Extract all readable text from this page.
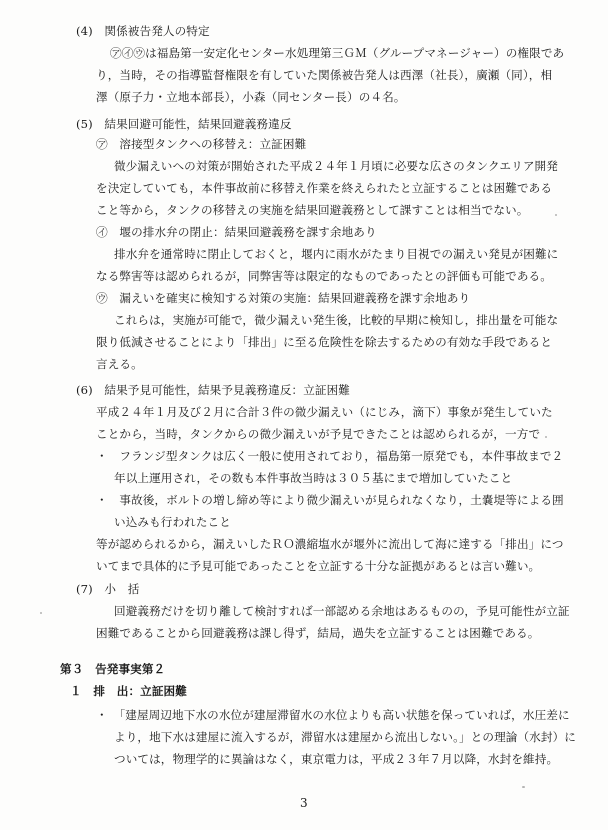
(4)　関係被告発人の特定
㋐㋑㋒は福島第一安定化センター水処理第三ＧＭ（グループマネージャー）の権限であ
り，当時，その指導監督権限を有していた関係被告発人は西澤（社長），廣瀬（同），相
澤（原子力・立地本部長），小森（同センター長）の４名。
(5)　結果回避可能性，結果回避義務違反
㋐　溶接型タンクへの移替え：立証困難
微少漏えいへの対策が開始された平成２４年１月頃に必要な広さのタンクエリア開発
を決定していても，本件事故前に移替え作業を終えられたと立証することは困難である
こと等から，タンクの移替えの実施を結果回避義務として課すことは相当でない。
㋑　堰の排水弁の閉止：結果回避義務を課す余地あり
排水弁を通常時に閉止しておくと，堰内に雨水がたまり目視での漏えい発見が困難に
なる弊害等は認められるが，同弊害等は限定的なものであったとの評価も可能である。
㋒　漏えいを確実に検知する対策の実施：結果回避義務を課す余地あり
これらは，実施が可能で，微少漏えい発生後，比較的早期に検知し，排出量を可能な
限り低減させることにより「排出」に至る危険性を除去するための有効な手段であると
言える。
(6)　結果予見可能性，結果予見義務違反：立証困難
平成２４年１月及び２月に合計３件の微少漏えい（にじみ，滴下）事象が発生していた
ことから，当時，タンクからの微少漏えいが予見できたことは認められるが，一方で
・　フランジ型タンクは広く一般に使用されており，福島第一原発でも，本件事故まで２
年以上運用され，その数も本件事故当時は３０５基にまで増加していたこと
・　事故後，ボルトの増し締め等により微少漏えいが見られなくなり，土嚢堤等による囲
い込みも行われたこと
等が認められるから，漏えいしたＲＯ濃縮塩水が堰外に流出して海に達する「排出」につ
いてまで具体的に予見可能であったことを立証する十分な証拠があるとは言い難い。
(7)　小　括
回避義務だけを切り離して検討すれば一部認める余地はあるものの，予見可能性が立証
困難であることから回避義務は課し得ず，結局，過失を立証することは困難である。
第３　告発事実第２
１　排　出：立証困難
・　「建屋周辺地下水の水位が建屋滞留水の水位よりも高い状態を保っていれば，水圧差に
より，地下水は建屋に流入するが，滞留水は建屋から流出しない。」との理論（水封）に
ついては，物理学的に異論はなく，東京電力は，平成２３年７月以降，水封を維持。
3
